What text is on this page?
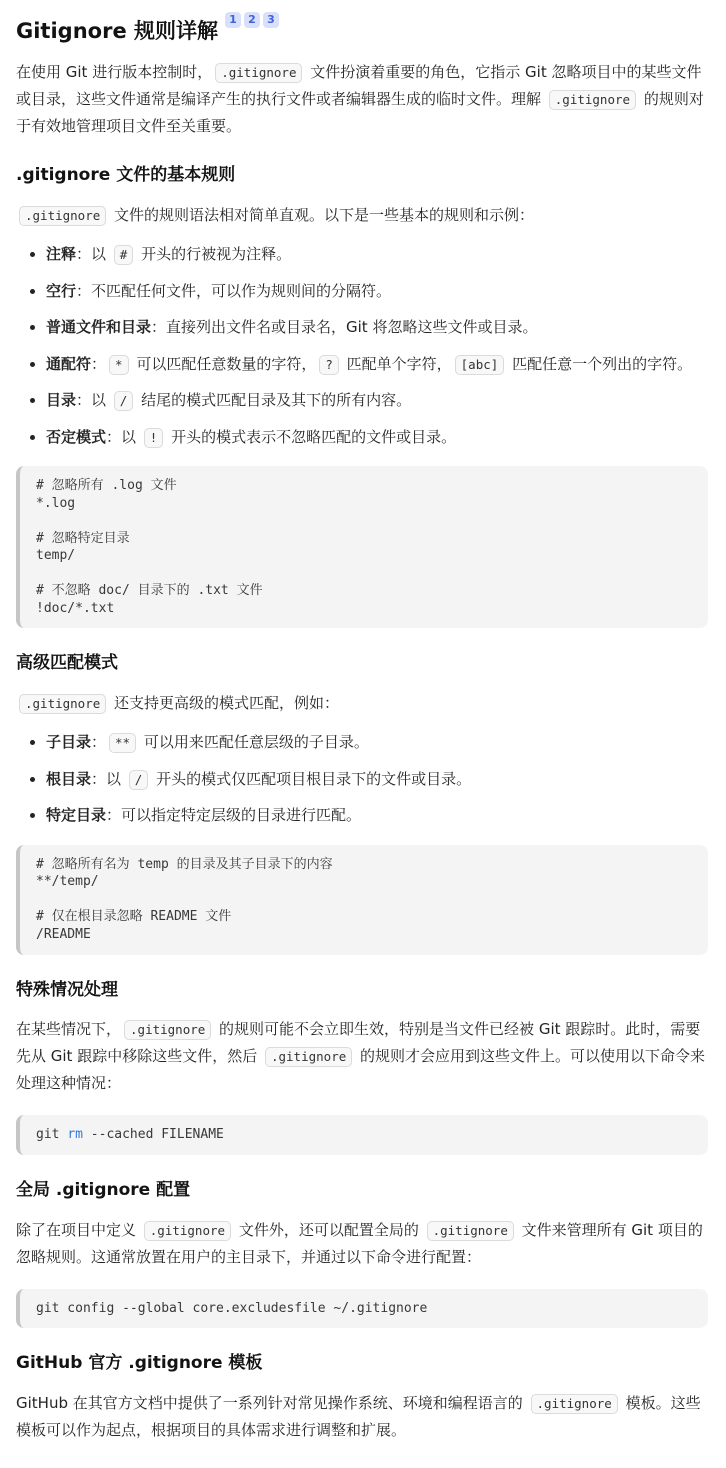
Gitignore 规则详解 $^{1 2 3}$

在使用 Git 进行版本控制时， .gitignore 文件扮演着重要的角色，它指示 Git 忽略项目中的某些文件或目录，这些文件通常是编译产生的执行文件或者编辑器生成的临时文件。理解 .gitignore 的规则对于有效地管理项目文件至关重要。

.gitignore 文件的基本规则

.gitignore 文件的规则语法相对简单直观。以下是一些基本的规则和示例：

• 注释：以 # 开头的行被视为注释。
• 空行：不匹配任何文件，可以作为规则间的分隔符。
• 普通文件和目录：直接列出文件名或目录名，Git 将忽略这些文件或目录。
• 通配符： * 可以匹配任意数量的字符， ? 匹配单个字符， [abc] 匹配任意一个列出的字符。
• 目录：以 / 结尾的模式匹配目录及其下的所有内容。
• 否定模式：以 ! 开头的模式表示不忽略匹配的文件或目录。
# 忽略所有 .log 文件
*.log
# 忽略特定目录
temp/
# 不忽略 doc/ 目录下的 .txt 文件
!doc/*.txt
高级匹配模式

.gitignore 还支持更高级的模式匹配，例如：

• 子目录： ** 可以用来匹配任意层级的子目录。
• 根目录：以 / 开头的模式仅匹配项目根目录下的文件或目录。
• 特定目录：可以指定特定层级的目录进行匹配。
# 忽略所有名为 temp 的目录及其子目录下的内容
**/temp/
# 仅在根目录忽略 README 文件
/README
特殊情况处理

在某些情况下， .gitignore 的规则可能不会立即生效，特别是当文件已经被 Git 跟踪时。此时，需要先从 Git 跟踪中移除这些文件，然后 .gitignore 的规则才会应用到这些文件上。可以使用以下命令来处理这种情况：

git rm --cached FILENAME
全局 .gitignore 配置

除了在项目中定义 .gitignore 文件外，还可以配置全局的 .gitignore 文件来管理所有 Git 项目的忽略规则。这通常放置在用户的主目录下，并通过以下命令进行配置：

git config --global core.excludesfile ~/.gitignore
GitHub 官方 .gitignore 模板

GitHub 在其官方文档中提供了一系列针对常见操作系统、环境和编程语言的 .gitignore 模板。这些模板可以作为起点，根据项目的具体需求进行调整和扩展。
